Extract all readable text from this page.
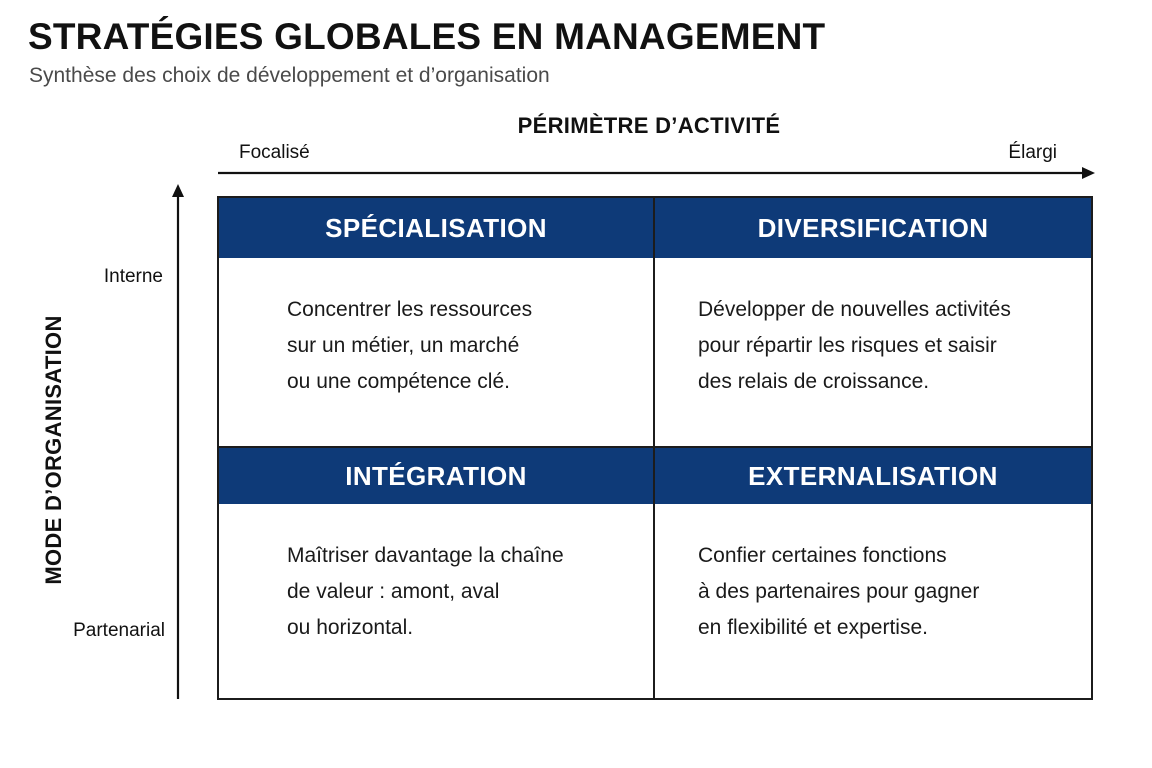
STRATÉGIES GLOBALES EN MANAGEMENT
Synthèse des choix de développement et d’organisation
PÉRIMÈTRE D’ACTIVITÉ
Focalisé	Élargi
MODE D’ORGANISATION
Interne
Partenarial
SPÉCIALISATION
Concentrer les ressources
sur un métier, un marché
ou une compétence clé.
DIVERSIFICATION
Développer de nouvelles activités
pour répartir les risques et saisir
des relais de croissance.
INTÉGRATION
Maîtriser davantage la chaîne
de valeur : amont, aval
ou horizontal.
EXTERNALISATION
Confier certaines fonctions
à des partenaires pour gagner
en flexibilité et expertise.
